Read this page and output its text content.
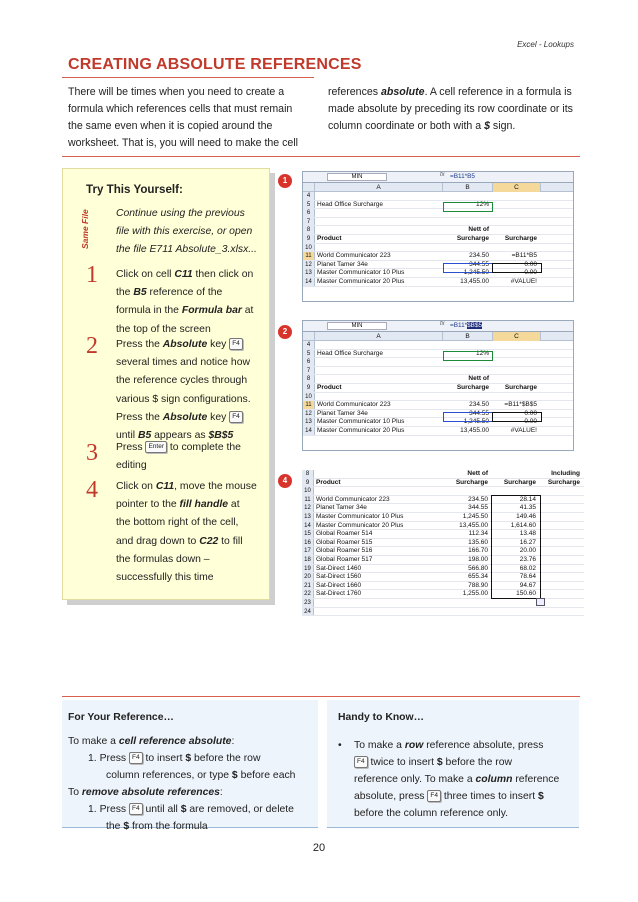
Excel - Lookups
CREATING ABSOLUTE REFERENCES
There will be times when you need to create a
formula which references cells that must remain
the same even when it is copied around the
worksheet. That is, you will need to make the cell
references absolute. A cell reference in a formula is
made absolute by preceding its row coordinate or its
column coordinate or both with a $ sign.
Try This Yourself:
Same File	Continue using the previous
file with this exercise, or open
the file E711 Absolute_3.xlsx...
1 Click on cell C11 then click on
the B5 reference of the
formula in the Formula bar at
the top of the screen
2 Press the Absolute key F4
several times and notice how
the reference cycles through
various $ sign configurations.
Press the Absolute key F4
until B5 appears as $B$5
3 Press Enter to complete the
editing
4 Click on C11, move the mouse
pointer to the fill handle at
the bottom right of the cell,
and drag down to C22 to fill
the formulas down –
successfully this time
1
2
4
MIN	fx =B11*B5
A	B	C
4
5	Head Office Surcharge	12%
6
7
8	Nett of
9	Product	Surcharge	Surcharge
10
11 World Communicator 223	234.50	=B11*B5
12 Planet Tamer 34e	344.55	0.00
13 Master Communicator 10 Plus	1,245.50	0.00
14 Master Communicator 20 Plus	13,455.00	#VALUE!
MIN	fx =B11*$B$5
A	B	C
4
5	Head Office Surcharge	12%
6
7
8	Nett of
9	Product	Surcharge	Surcharge
10
11 World Communicator 223	234.50	=B11*$B$5
12 Planet Tamer 34e	344.55	0.00
13 Master Communicator 10 Plus	1,245.50	0.00
14 Master Communicator 20 Plus	13,455.00	#VALUE!
8	Nett of	Including
9	Product	Surcharge	Surcharge	Surcharge
10
11 World Communicator 223	234.50	28.14
12 Planet Tamer 34e	344.55	41.35
13 Master Communicator 10 Plus	1,245.50	149.46
14 Master Communicator 20 Plus	13,455.00	1,614.60
15 Global Roamer 514	112.34	13.48
16 Global Roamer 515	135.60	16.27
17 Global Roamer 516	166.70	20.00
18 Global Roamer 517	198.00	23.76
19 Sat-Direct 1460	566.80	68.02
20 Sat-Direct 1560	655.34	78.64
21 Sat-Direct 1660	788.90	94.67
22 Sat-Direct 1760	1,255.00	150.60
23
24
For Your Reference…
To make a cell reference absolute:
1. Press F4 to insert $ before the row
column references, or type $ before each
To remove absolute references:
1. Press F4 until all $ are removed, or delete
the $ from the formula
Handy to Know…
• To make a row reference absolute, press
F4 twice to insert $ before the row
reference only. To make a column reference
absolute, press F4 three times to insert $
before the column reference only.
20
